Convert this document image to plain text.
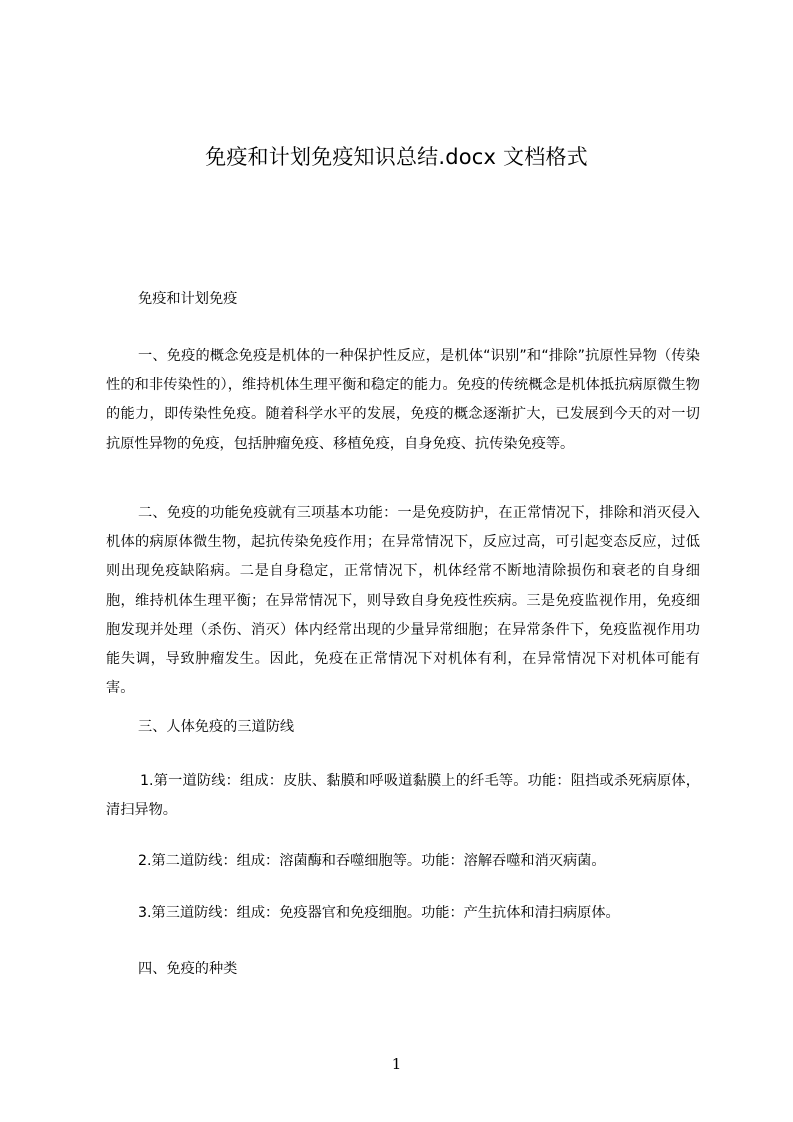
免疫和计划免疫知识总结.docx 文档格式
免疫和计划免疫

一、免疫的概念免疫是机体的一种保护性反应，是机体“识别”和“排除”抗原性异物（传染性的和非传染性的），维持机体生理平衡和稳定的能力。免疫的传统概念是机体抵抗病原微生物的能力，即传染性免疫。随着科学水平的发展，免疫的概念逐渐扩大，已发展到今天的对一切抗原性异物的免疫，包括肿瘤免疫、移植免疫，自身免疫、抗传染免疫等。

二、免疫的功能免疫就有三项基本功能：一是免疫防护，在正常情况下，排除和消灭侵入机体的病原体微生物，起抗传染免疫作用；在异常情况下，反应过高，可引起变态反应，过低则出现免疫缺陷病。二是自身稳定，正常情况下，机体经常不断地清除损伤和衰老的自身细胞，维持机体生理平衡；在异常情况下，则导致自身免疫性疾病。三是免疫监视作用，免疫细胞发现并处理（杀伤、消灭）体内经常出现的少量异常细胞；在异常条件下，免疫监视作用功能失调，导致肿瘤发生。因此，免疫在正常情况下对机体有利，在异常情况下对机体可能有害。

三、人体免疫的三道防线

1.第一道防线：组成：皮肤、黏膜和呼吸道黏膜上的纤毛等。功能：阻挡或杀死病原体，清扫异物。

2.第二道防线：组成：溶菌酶和吞噬细胞等。功能：溶解吞噬和消灭病菌。
3.第三道防线：组成：免疫器官和免疫细胞。功能：产生抗体和清扫病原体。
四、免疫的种类
1
